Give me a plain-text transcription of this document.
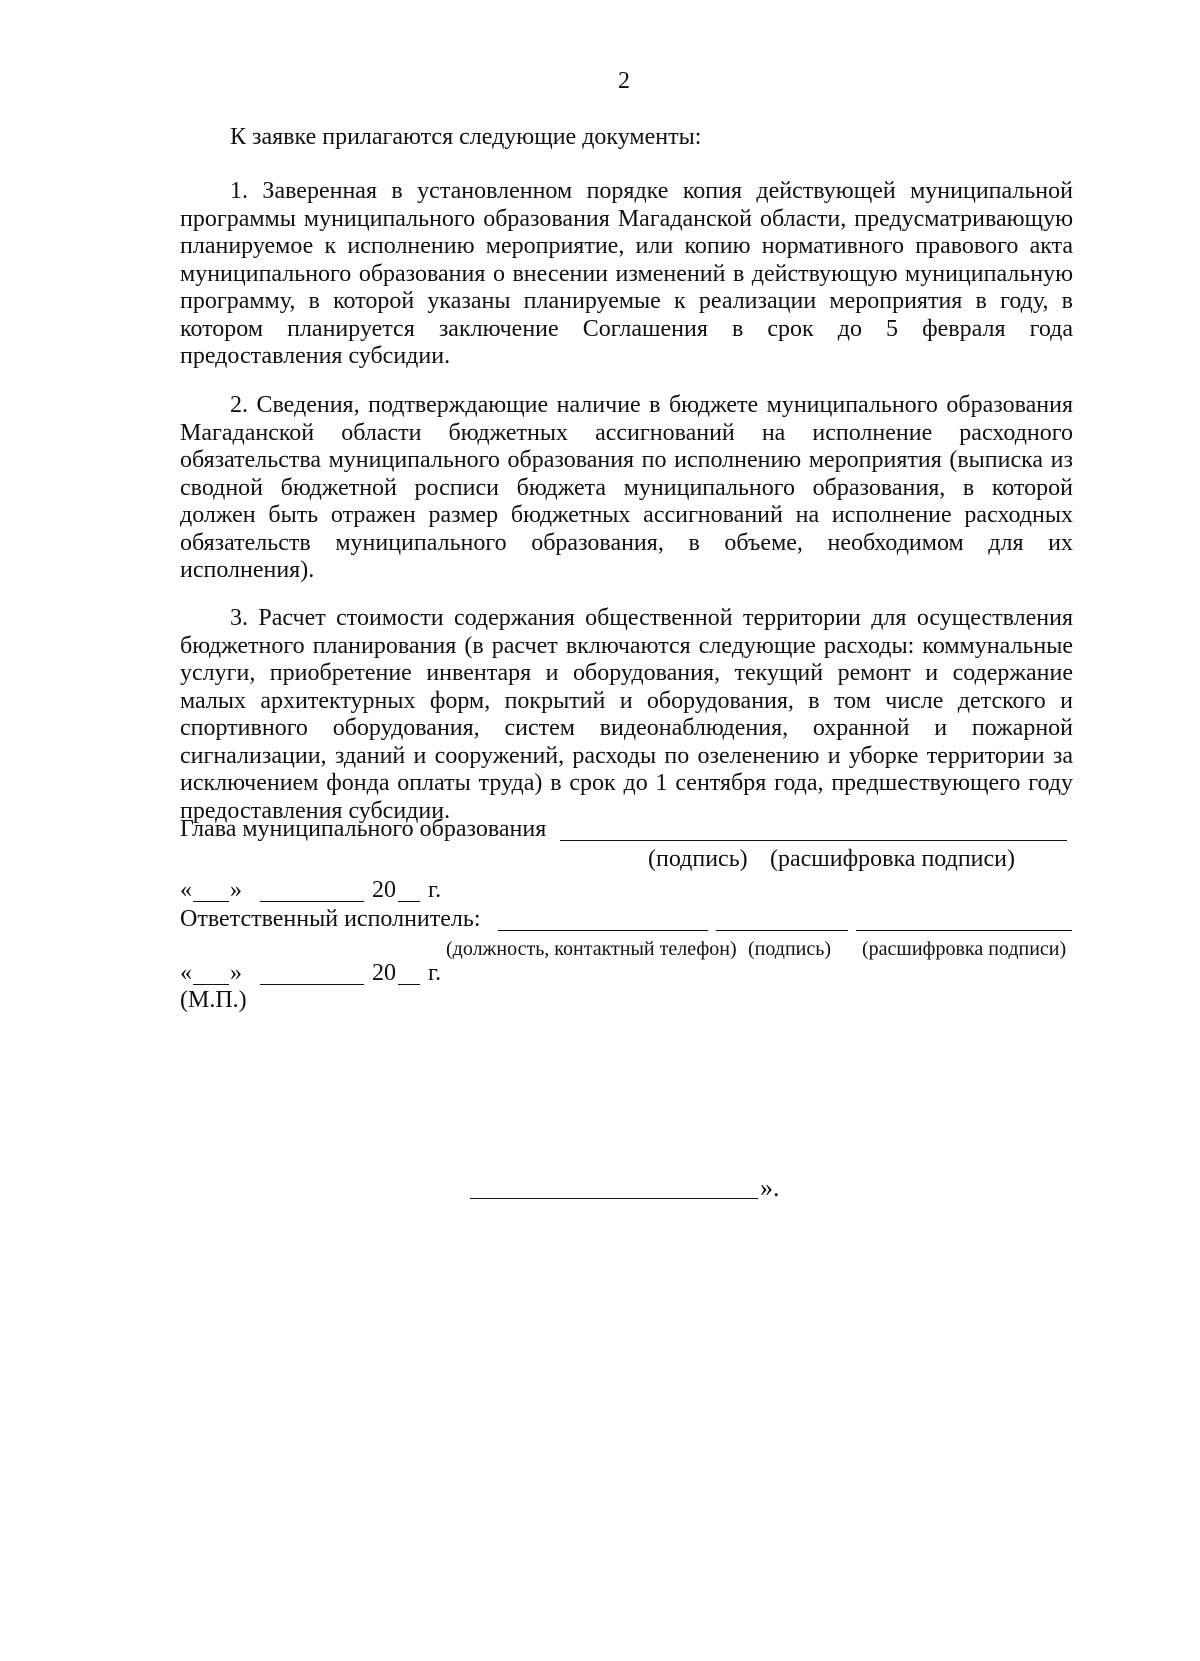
2
К заявке прилагаются следующие документы:
1. Заверенная в установленном порядке копия действующей муниципальной программы муниципального образования Магаданской области, предусматривающую планируемое к исполнению мероприятие, или копию нормативного правового акта муниципального образования о внесении изменений в действующую муниципальную программу, в которой указаны планируемые к реализации мероприятия в году, в котором планируется заключение Соглашения в срок до 5 февраля года предоставления субсидии.
2. Сведения, подтверждающие наличие в бюджете муниципального образования Магаданской области бюджетных ассигнований на исполнение расходного обязательства муниципального образования по исполнению мероприятия (выписка из сводной бюджетной росписи бюджета муниципального образования, в которой должен быть отражен размер бюджетных ассигнований на исполнение расходных обязательств муниципального образования, в объеме, необходимом для их исполнения).
3. Расчет стоимости содержания общественной территории для осуществления бюджетного планирования (в расчет включаются следующие расходы: коммунальные услуги, приобретение инвентаря и оборудования, текущий ремонт и содержание малых архитектурных форм, покрытий и оборудования, в том числе детского и спортивного оборудования, систем видеонаблюдения, охранной и пожарной сигнализации, зданий и сооружений, расходы по озеленению и уборке территории за исключением фонда оплаты труда) в срок до 1 сентября года, предшествующего году предоставления субсидии.
Глава муниципального образования
(подпись) (расшифровка подписи)
« »	20 г.
Ответственный исполнитель:
(должность, контактный телефон) (подпись) (расшифровка подписи)
« »	20 г.
(М.П.)
».
